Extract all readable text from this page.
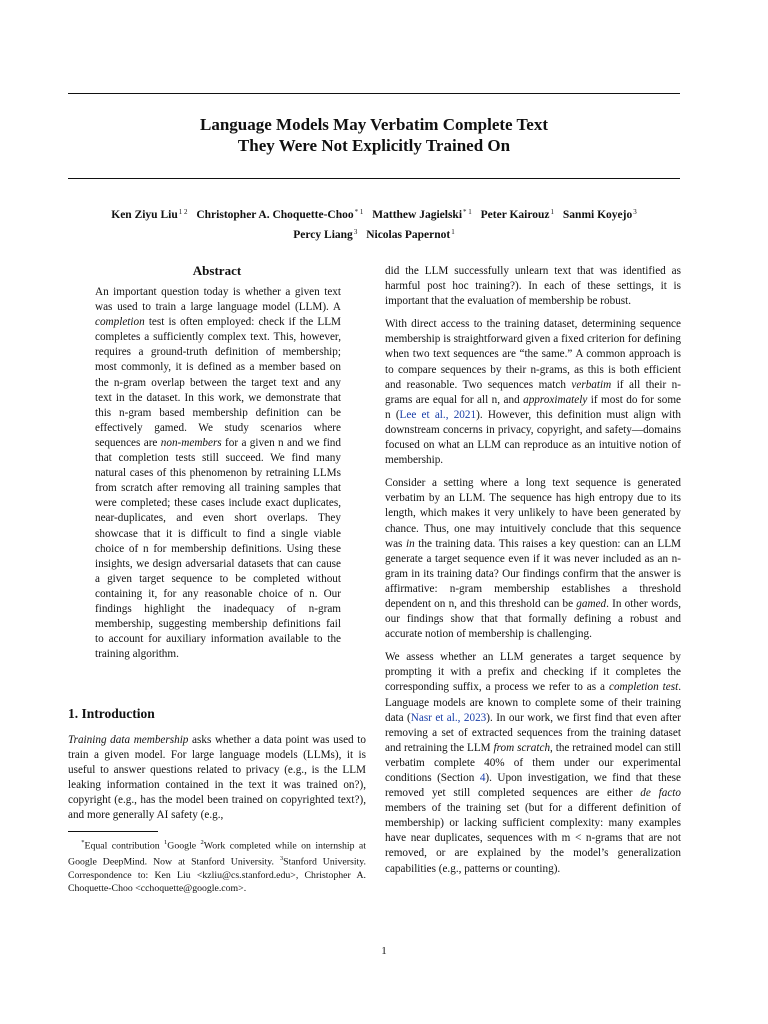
Language Models May Verbatim Complete Text
They Were Not Explicitly Trained On
Ken Ziyu Liu$^{1 2}$ Christopher A. Choquette-Choo$^{* 1}$ Matthew Jagielski$^{* 1}$ Peter Kairouz$^1$ Sanmi Koyejo$^3$
Percy Liang$^3$ Nicolas Papernot$^1$
Abstract
An important question today is whether a given text was used to train a large language model (LLM). A completion test is often employed: check if the LLM completes a sufficiently complex text. This, however, requires a ground-truth definition of membership; most commonly, it is defined as a member based on the n-gram overlap between the target text and any text in the dataset. In this work, we demonstrate that this n-gram based membership definition can be effectively gamed. We study scenarios where sequences are non-members for a given n and we find that completion tests still succeed. We find many natural cases of this phenomenon by retraining LLMs from scratch after removing all training samples that were completed; these cases include exact duplicates, near-duplicates, and even short overlaps. They showcase that it is difficult to find a single viable choice of n for membership definitions. Using these insights, we design adversarial datasets that can cause a given target sequence to be completed without containing it, for any reasonable choice of n. Our findings highlight the inadequacy of n-gram membership, suggesting membership definitions fail to account for auxiliary information available to the training algorithm.
1. Introduction
Training data membership asks whether a data point was used to train a given model. For large language models (LLMs), it is useful to answer questions related to privacy (e.g., is the LLM leaking information contained in the text it was trained on?), copyright (e.g., has the model been trained on copyrighted text?), and more generally AI safety (e.g.,
*Equal contribution $^1$Google $^2$Work completed while on internship at Google DeepMind. Now at Stanford University. $^3$Stanford University. Correspondence to: Ken Liu <kzliu@cs.stanford.edu>, Christopher A. Choquette-Choo <cchoquette@google.com>.

did the LLM successfully unlearn text that was identified as harmful post hoc training?). In each of these settings, it is important that the evaluation of membership be robust.

With direct access to the training dataset, determining sequence membership is straightforward given a fixed criterion for defining when two text sequences are “the same.” A common approach is to compare sequences by their n-grams, as this is both efficient and reasonable. Two sequences match verbatim if all their n-grams are equal for all n, and approximately if most do for some n (Lee et al., 2021). However, this definition must align with downstream concerns in privacy, copyright, and safety—domains focused on what an LLM can reproduce as an intuitive notion of membership.

Consider a setting where a long text sequence is generated verbatim by an LLM. The sequence has high entropy due to its length, which makes it very unlikely to have been generated by chance. Thus, one may intuitively conclude that this sequence was in the training data. This raises a key question: can an LLM generate a target sequence even if it was never included as an n-gram in its training data? Our findings confirm that the answer is affirmative: n-gram membership establishes a threshold dependent on n, and this threshold can be gamed. In other words, our findings show that that formally defining a robust and accurate notion of membership is challenging.

We assess whether an LLM generates a target sequence by prompting it with a prefix and checking if it completes the corresponding suffix, a process we refer to as a completion test. Language models are known to complete some of their training data (Nasr et al., 2023). In our work, we first find that even after removing a set of extracted sequences from the training dataset and retraining the LLM from scratch, the retrained model can still verbatim complete 40% of them under our experimental conditions (Section 4). Upon investigation, we find that these removed yet still completed sequences are either de facto members of the training set (but for a different definition of membership) or lacking sufficient complexity: many examples have near duplicates, sequences with m < n-grams that are not removed, or are explained by the model’s generalization capabilities (e.g., patterns or counting).

1
